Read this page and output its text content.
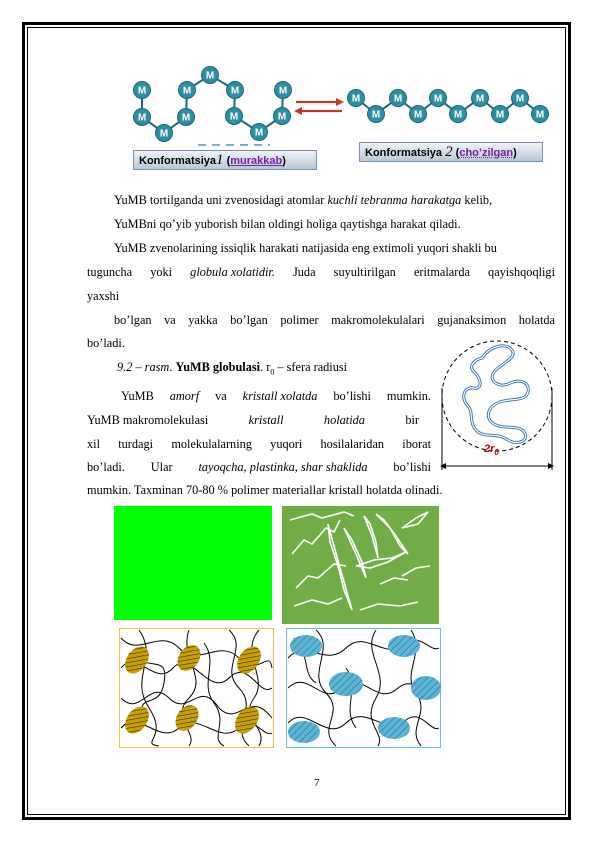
M
M
M
M
M
M
M
M
M
M
M
M
M
M
M
M
M
M
M
M
M
Konformatsiya1 (murakkab)
Konformatsiya 2 (cho’zilgan)
YuMB tortilganda uni zvenosidagi atomlar kuchli tebranma harakatga kelib,
YuMBni qo’yib yuborish bilan oldingi holiga qaytishga harakat qiladi.
YuMB zvenolarining issiqlik harakati natijasida eng extimoli yuqori shakli bu
tuguncha yoki globula xolatidir. Juda suyultirilgan eritmalarda qayishqoqligi
yaxshi
bo’lgan va yakka bo’lgan polimer makromolekulalari gujanaksimon holatda
bo’ladi.
9.2 – rasm. YuMB globulasi. $r_0$ – sfera radiusi
YuMB amorf va kristall xolatda bo’lishi mumkin.
YuMB makromolekulasi	kristall	holatida	bir
xil turdagi molekulalarning yuqori hosilalaridan iborat
bo’ladi. Ular tayoqcha, plastinka, shar shaklida bo’lishi
mumkin. Taxminan 70-80 % polimer materiallar kristall holatda olinadi.
$2r_0$
7
